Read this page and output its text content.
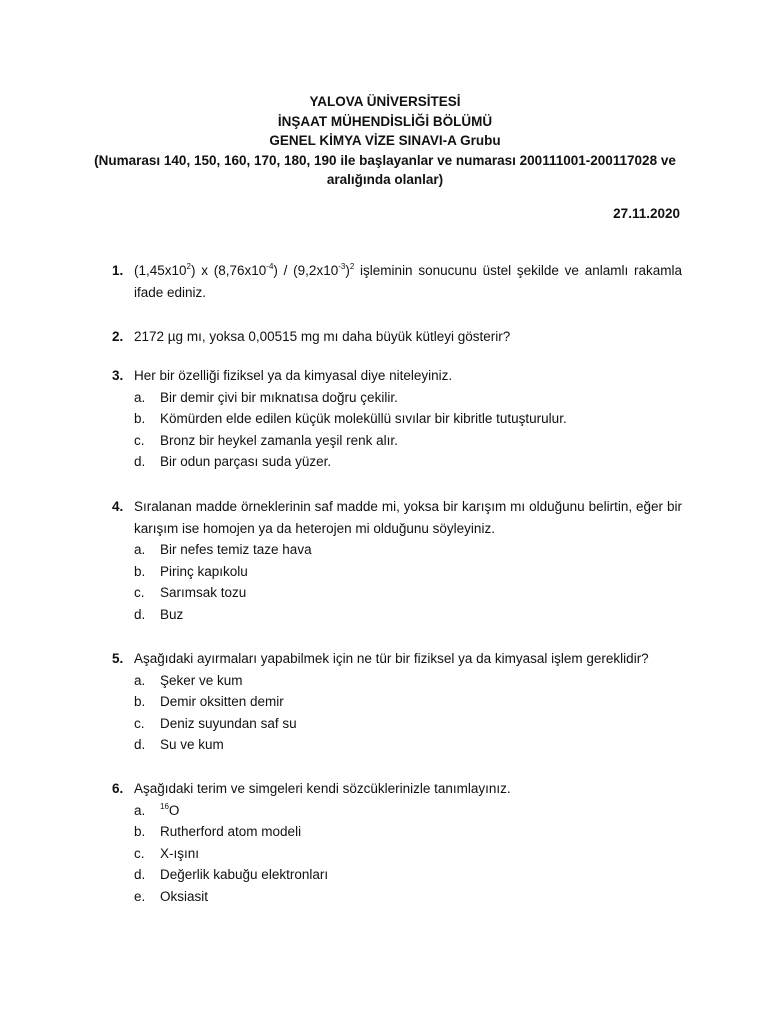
YALOVA ÜNİVERSİTESİ
İNŞAAT MÜHENDİSLİĞİ BÖLÜMÜ
GENEL KİMYA VİZE SINAVI-A Grubu
(Numarası 140, 150, 160, 170, 180, 190 ile başlayanlar ve numarası 200111001-200117028 ve aralığında olanlar)
27.11.2020
1. $(1,45x10^2)$ x $(8,76x10^{-4}) / (9,2x10^{-3})^2$ işleminin sonucunu üstel şekilde ve anlamlı rakamla ifade ediniz.
2. 2172 µg mı, yoksa 0,00515 mg mı daha büyük kütleyi gösterir?
3. Her bir özelliği fiziksel ya da kimyasal diye niteleyiniz.
a. Bir demir çivi bir mıknatısa doğru çekilir.
b. Kömürden elde edilen küçük moleküllü sıvılar bir kibritle tutuşturulur.
c. Bronz bir heykel zamanla yeşil renk alır.
d. Bir odun parçası suda yüzer.
4. Sıralanan madde örneklerinin saf madde mi, yoksa bir karışım mı olduğunu belirtin, eğer bir karışım ise homojen ya da heterojen mi olduğunu söyleyiniz.
a. Bir nefes temiz taze hava
b. Pirinç kapıkolu
c. Sarımsak tozu
d. Buz
5. Aşağıdaki ayırmaları yapabilmek için ne tür bir fiziksel ya da kimyasal işlem gereklidir?
a. Şeker ve kum
b. Demir oksitten demir
c. Deniz suyundan saf su
d. Su ve kum
6. Aşağıdaki terim ve simgeleri kendi sözcüklerinizle tanımlayınız.
a. $^{16}$O
b. Rutherford atom modeli
c. X-ışını
d. Değerlik kabuğu elektronları
e. Oksiasit
